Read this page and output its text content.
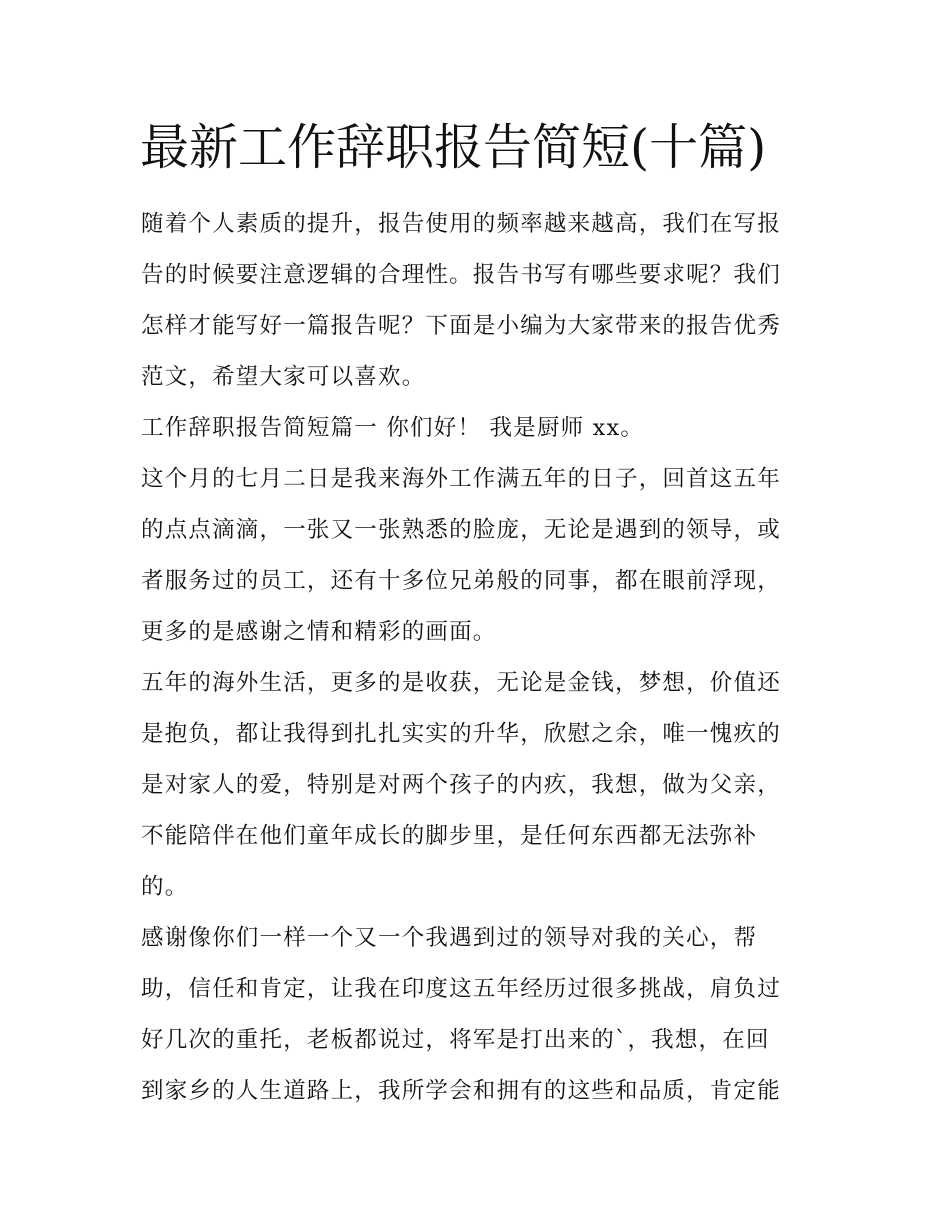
最新工作辞职报告简短(十篇)

随着个人素质的提升，报告使用的频率越来越高，我们在写报

告的时候要注意逻辑的合理性。报告书写有哪些要求呢？我们

怎样才能写好一篇报告呢？下面是小编为大家带来的报告优秀

范文，希望大家可以喜欢。

工作辞职报告简短篇一 你们好！ 我是厨师 xx。

这个月的七月二日是我来海外工作满五年的日子，回首这五年

的点点滴滴，一张又一张熟悉的脸庞，无论是遇到的领导，或

者服务过的员工，还有十多位兄弟般的同事，都在眼前浮现，

更多的是感谢之情和精彩的画面。

五年的海外生活，更多的是收获，无论是金钱，梦想，价值还

是抱负，都让我得到扎扎实实的升华，欣慰之余，唯一愧疚的

是对家人的爱，特别是对两个孩子的内疚，我想，做为父亲，

不能陪伴在他们童年成长的脚步里，是任何东西都无法弥补

的。

感谢像你们一样一个又一个我遇到过的领导对我的关心，帮

助，信任和肯定，让我在印度这五年经历过很多挑战，肩负过

好几次的重托，老板都说过，将军是打出来的`，我想，在回

到家乡的人生道路上，我所学会和拥有的这些和品质，肯定能
